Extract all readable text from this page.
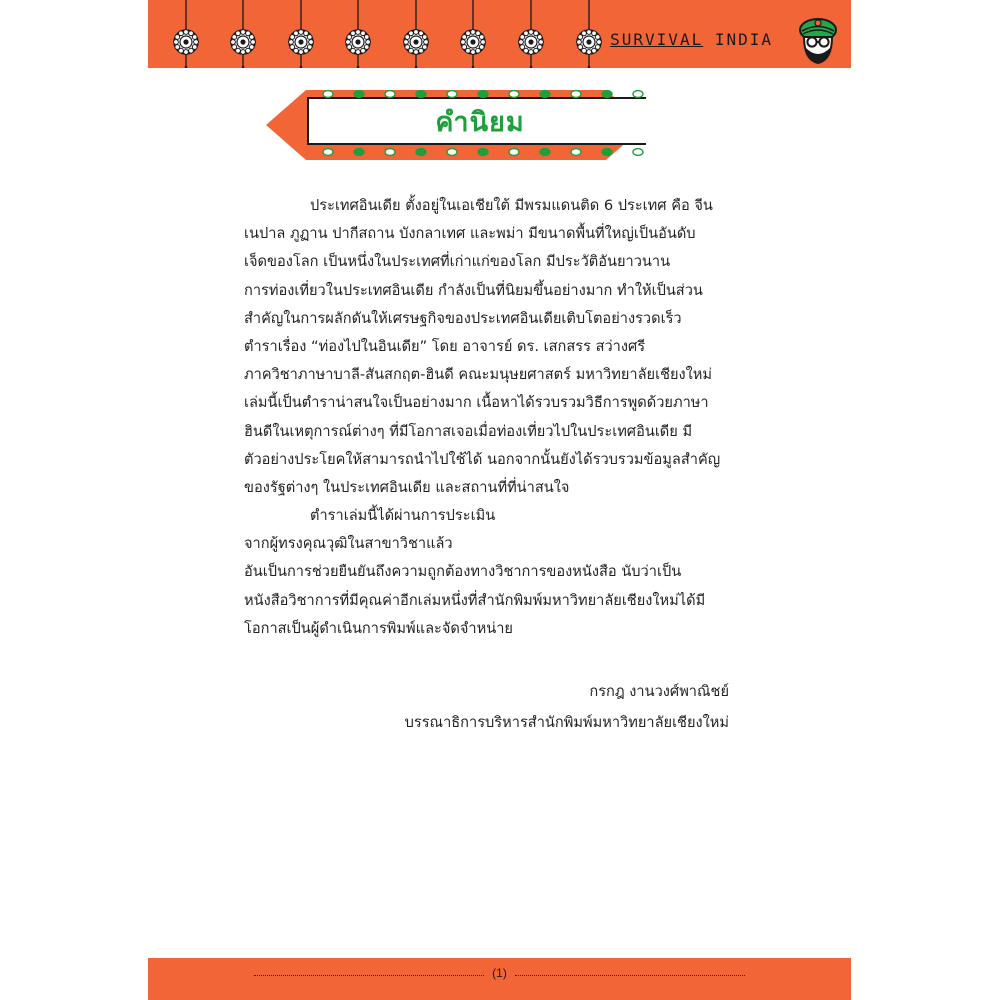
SURVIVAL INDIA
คำนิยม
ประเทศอินเดีย ตั้งอยู่ในเอเชียใต้ มีพรมแดนติด 6 ประเทศ คือ จีน
เนปาล ภูฏาน ปากีสถาน บังกลาเทศ และพม่า มีขนาดพื้นที่ใหญ่เป็นอันดับ
เจ็ดของโลก เป็นหนึ่งในประเทศที่เก่าแก่ของโลก มีประวัติอันยาวนาน
การท่องเที่ยวในประเทศอินเดีย กำลังเป็นที่นิยมขึ้นอย่างมาก ทำให้เป็นส่วน
สำคัญในการผลักดันให้เศรษฐกิจของประเทศอินเดียเติบโตอย่างรวดเร็ว
ตำราเรื่อง “ท่องไปในอินเดีย” โดย อาจารย์ ดร. เสกสรร สว่างศรี
ภาควิชาภาษาบาลี-สันสกฤต-ฮินดี คณะมนุษยศาสตร์ มหาวิทยาลัยเชียงใหม่
เล่มนี้เป็นตำราน่าสนใจเป็นอย่างมาก เนื้อหาได้รวบรวมวิธีการพูดด้วยภาษา
ฮินดีในเหตุการณ์ต่างๆ ที่มีโอกาสเจอเมื่อท่องเที่ยวไปในประเทศอินเดีย มี
ตัวอย่างประโยคให้สามารถนำไปใช้ได้ นอกจากนั้นยังได้รวบรวมข้อมูลสำคัญ
ของรัฐต่างๆ ในประเทศอินเดีย และสถานที่ที่น่าสนใจ
ตำราเล่มนี้ได้ผ่านการประเมิน
จากผู้ทรงคุณวุฒิในสาขาวิชาแล้ว
อันเป็นการช่วยยืนยันถึงความถูกต้องทางวิชาการของหนังสือ นับว่าเป็น
หนังสือวิชาการที่มีคุณค่าอีกเล่มหนึ่งที่สำนักพิมพ์มหาวิทยาลัยเชียงใหม่ได้มี
โอกาสเป็นผู้ดำเนินการพิมพ์และจัดจำหน่าย
กรกฎ งานวงศ์พาณิชย์
บรรณาธิการบริหารสำนักพิมพ์มหาวิทยาลัยเชียงใหม่
(1)
